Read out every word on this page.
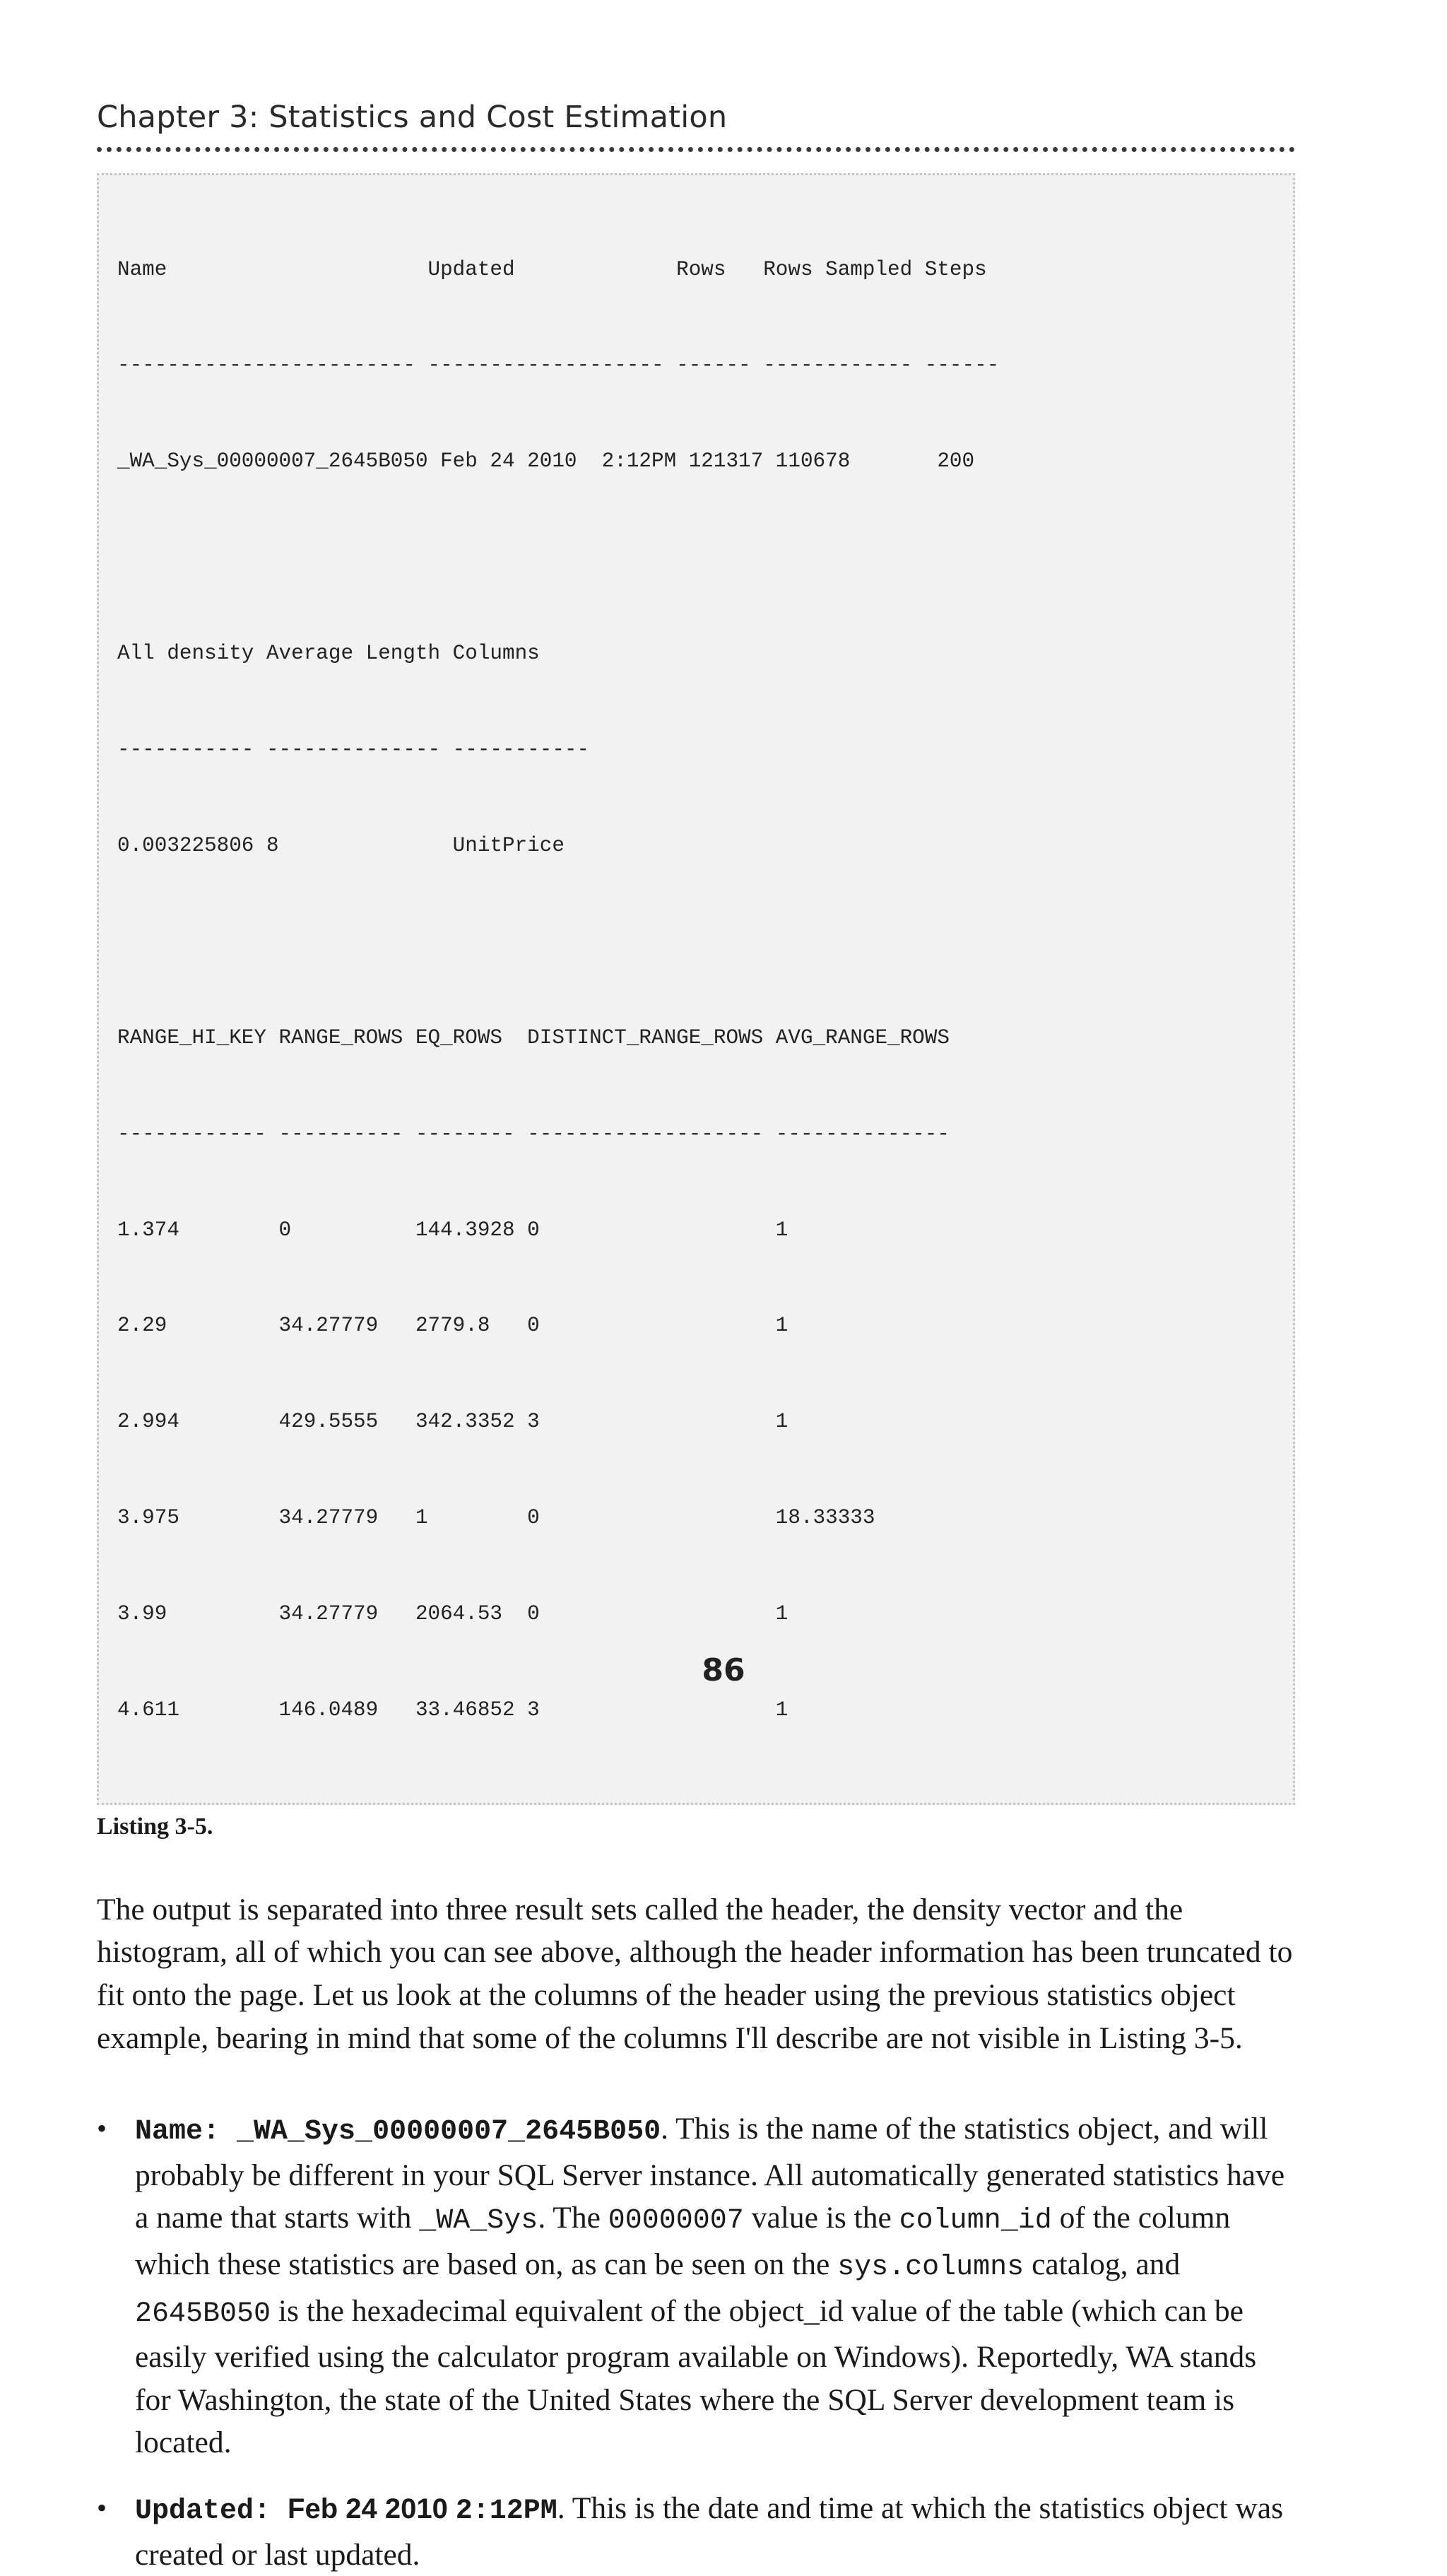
Chapter 3: Statistics and Cost Estimation

Name                     Updated             Rows   Rows Sampled Steps

------------------------ ------------------- ------ ------------ ------

_WA_Sys_00000007_2645B050 Feb 24 2010  2:12PM 121317 110678       200

All density Average Length Columns

----------- -------------- -----------

0.003225806 8              UnitPrice

RANGE_HI_KEY RANGE_ROWS EQ_ROWS  DISTINCT_RANGE_ROWS AVG_RANGE_ROWS

------------ ---------- -------- ------------------- --------------

1.374        0          144.3928 0                   1

2.29         34.27779   2779.8   0                   1

2.994        429.5555   342.3352 3                   1

3.975        34.27779   1        0                   18.33333

3.99         34.27779   2064.53  0                   1

4.611        146.0489   33.46852 3                   1

Listing 3-5.

The output is separated into three result sets called the header, the density vector and the histogram, all of which you can see above, although the header information has been truncated to fit onto the page. Let us look at the columns of the header using the previous statistics object example, bearing in mind that some of the columns I'll describe are not visible in Listing 3-5.

• Name: _WA_Sys_00000007_2645B050. This is the name of the statistics object, and will probably be different in your SQL Server instance. All automatically generated statistics have a name that starts with _WA_Sys. The 00000007 value is the column_id of the column which these statistics are based on, as can be seen on the sys.columns catalog, and 2645B050 is the hexadecimal equivalent of the object_id value of the table (which can be easily verified using the calculator program available on Windows). Reportedly, WA stands for Washington, the state of the United States where the SQL Server development team is located.
• Updated: Feb 24 2010 2:12PM. This is the date and time at which the statistics object was created or last updated.
86
